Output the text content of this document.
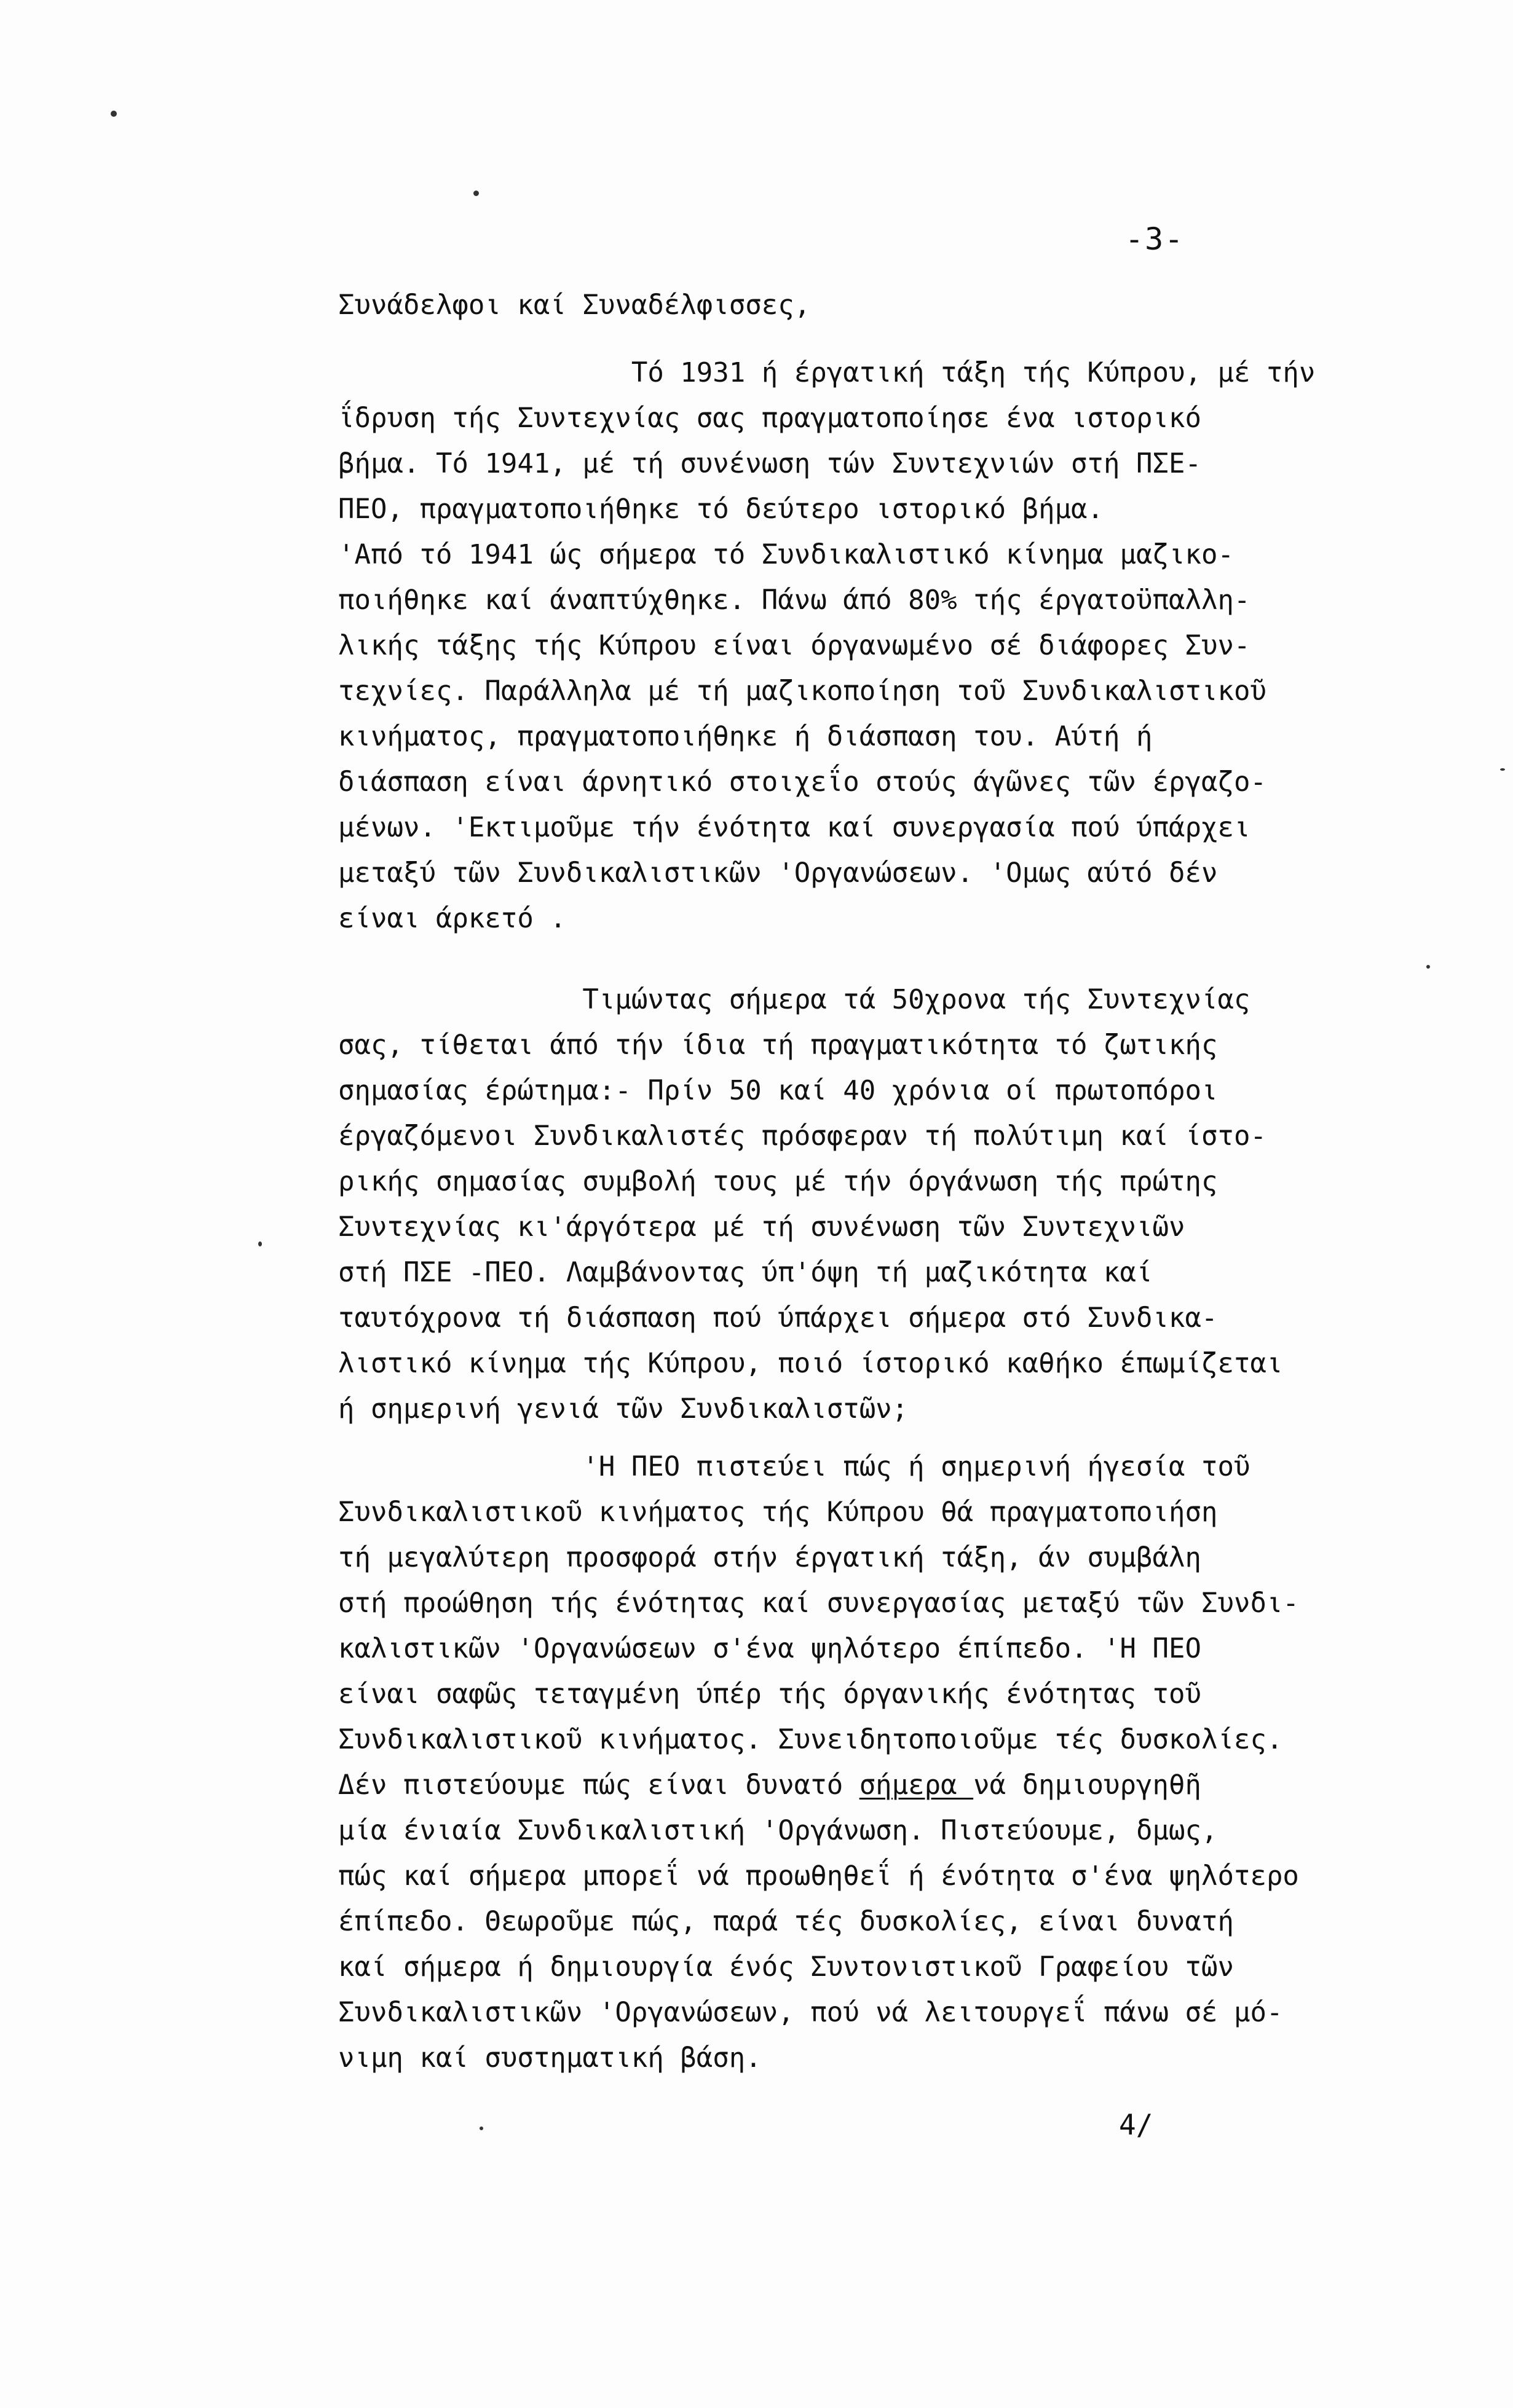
-3-
Συνάδελφοι καί Συναδέλφισσες,
Τό 1931 ή έργατική τάξη τής Κύπρου, μέ τήν
ΐδρυση τής Συντεχνίας σας πραγματοποίησε ένα ιστορικό
βήμα. Τό 1941, μέ τή συνένωση τών Συντεχνιών στή ΠΣΕ-
ΠΕΟ, πραγματοποιήθηκε τό δεύτερο ιστορικό βήμα.
'Από τό 1941 ώς σήμερα τό Συνδικαλιστικό κίνημα μαζικο-
ποιήθηκε καί άναπτύχθηκε. Πάνω άπό 80% τής έργατοϋπαλλη-
λικής τάξης τής Κύπρου είναι όργανωμένο σέ διάφορες Συν-
τεχνίες. Παράλληλα μέ τή μαζικοποίηση τοῦ Συνδικαλιστικοῦ
κινήματος, πραγματοποιήθηκε ή διάσπαση του. Αύτή ή
διάσπαση είναι άρνητικό στοιχεΐο στούς άγῶνες τῶν έργαζο-
μένων. 'Εκτιμοῦμε τήν ένότητα καί συνεργασία πού ύπάρχει
μεταξύ τῶν Συνδικαλιστικῶν 'Οργανώσεων. 'Ομως αύτό δέν
είναι άρκετό .
Τιμώντας σήμερα τά 50χρονα τής Συντεχνίας
σας, τίθεται άπό τήν ίδια τή πραγματικότητα τό ζωτικής
σημασίας έρώτημα:- Πρίν 50 καί 40 χρόνια οί πρωτοπόροι
έργαζόμενοι Συνδικαλιστές πρόσφεραν τή πολύτιμη καί ίστο-
ρικής σημασίας συμβολή τους μέ τήν όργάνωση τής πρώτης
Συντεχνίας κι'άργότερα μέ τή συνένωση τῶν Συντεχνιῶν
στή ΠΣΕ -ΠΕΟ. Λαμβάνοντας ύπ'όψη τή μαζικότητα καί
ταυτόχρονα τή διάσπαση πού ύπάρχει σήμερα στό Συνδικα-
λιστικό κίνημα τής Κύπρου, ποιό ίστορικό καθήκο έπωμίζεται
ή σημερινή γενιά τῶν Συνδικαλιστῶν;
'Η ΠΕΟ πιστεύει πώς ή σημερινή ήγεσία τοῦ
Συνδικαλιστικοῦ κινήματος τής Κύπρου θά πραγματοποιήση
τή μεγαλύτερη προσφορά στήν έργατική τάξη, άν συμβάλη
στή προώθηση τής ένότητας καί συνεργασίας μεταξύ τῶν Συνδι-
καλιστικῶν 'Οργανώσεων σ'ένα ψηλότερο έπίπεδο. 'Η ΠΕΟ
είναι σαφῶς τεταγμένη ύπέρ τής όργανικής ένότητας τοῦ
Συνδικαλιστικοῦ κινήματος. Συνειδητοποιοῦμε τές δυσκολίες.
Δέν πιστεύουμε πώς είναι δυνατό σήμερα νά δημιουργηθῆ
μία ένιαία Συνδικαλιστική 'Οργάνωση. Πιστεύουμε, δμως,
πώς καί σήμερα μπορεΐ νά προωθηθεΐ ή ένότητα σ'ένα ψηλότερο
έπίπεδο. Θεωροῦμε πώς, παρά τές δυσκολίες, είναι δυνατή
καί σήμερα ή δημιουργία ένός Συντονιστικοῦ Γραφείου τῶν
Συνδικαλιστικῶν 'Οργανώσεων, πού νά λειτουργεΐ πάνω σέ μό-
νιμη καί συστηματική βάση.
4/
